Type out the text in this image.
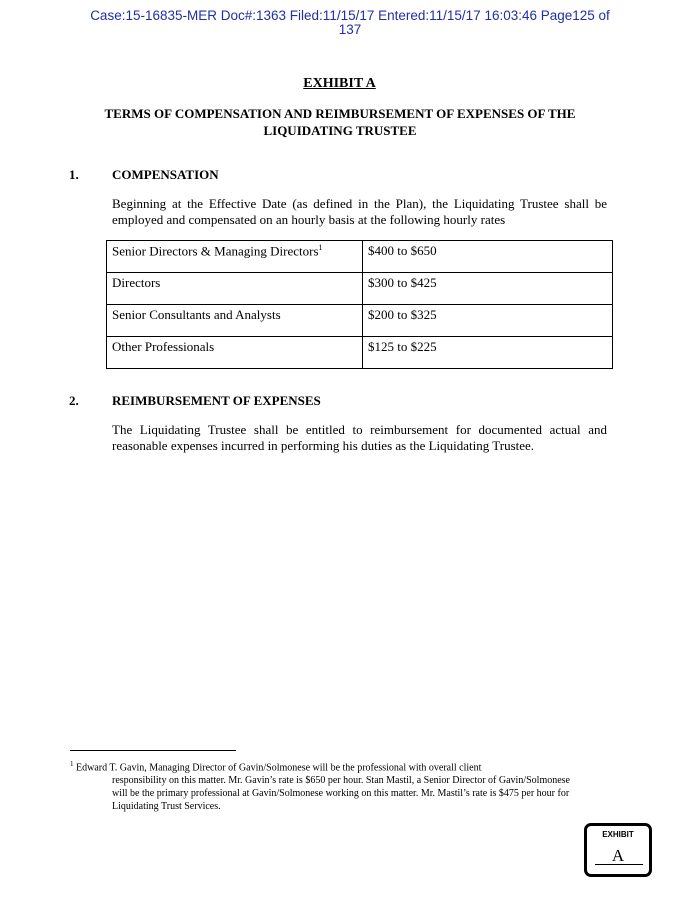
Case:15-16835-MER Doc#:1363 Filed:11/15/17 Entered:11/15/17 16:03:46 Page125 of
137
EXHIBIT A
TERMS OF COMPENSATION AND REIMBURSEMENT OF EXPENSES OF THE LIQUIDATING TRUSTEE
1.	COMPENSATION
Beginning at the Effective Date (as defined in the Plan), the Liquidating Trustee shall be employed and compensated on an hourly basis at the following hourly rates
Senior Directors & Managing Directors$^1$	$400 to $650
Directors	$300 to $425
Senior Consultants and Analysts	$200 to $325
Other Professionals	$125 to $225
2.	REIMBURSEMENT OF EXPENSES
The Liquidating Trustee shall be entitled to reimbursement for documented actual and reasonable expenses incurred in performing his duties as the Liquidating Trustee.
$^1$ Edward T. Gavin, Managing Director of Gavin/Solmonese will be the professional with overall client
responsibility on this matter. Mr. Gavin’s rate is $650 per hour. Stan Mastil, a Senior Director of Gavin/Solmonese will be the primary professional at Gavin/Solmonese working on this matter. Mr. Mastil’s rate is $475 per hour for Liquidating Trust Services.
EXHIBIT
A
